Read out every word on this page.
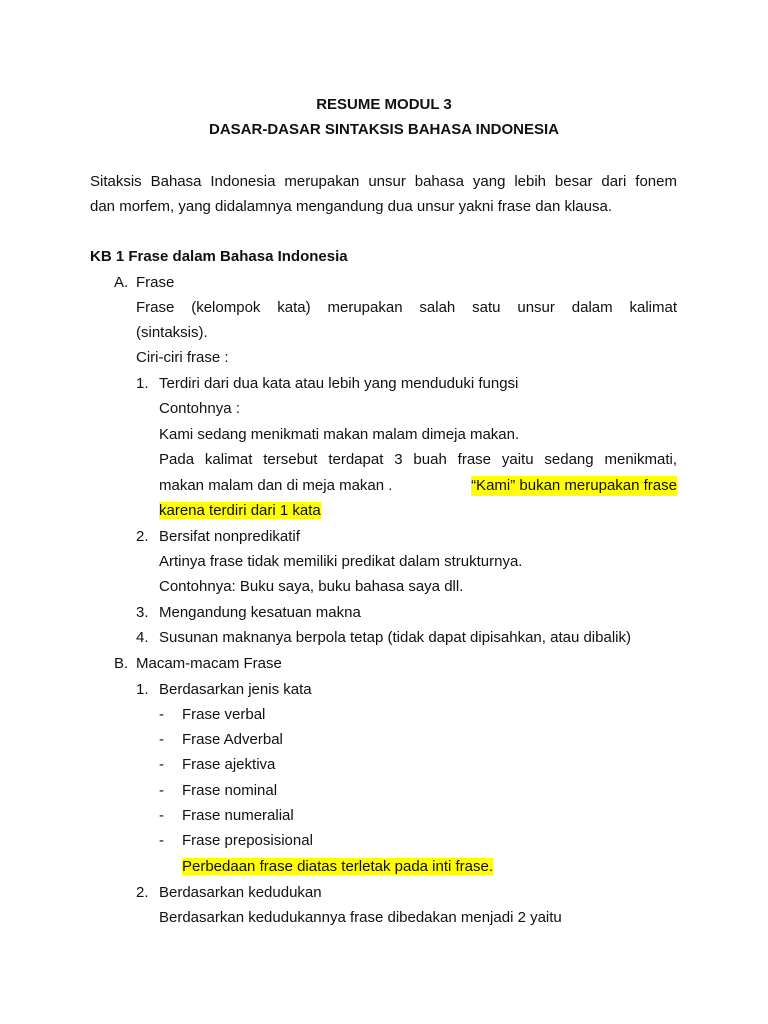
RESUME MODUL 3
DASAR-DASAR SINTAKSIS BAHASA INDONESIA
Sitaksis Bahasa Indonesia merupakan unsur bahasa yang lebih besar dari fonem
dan morfem, yang didalamnya mengandung dua unsur yakni frase dan klausa.
KB 1 Frase dalam Bahasa Indonesia
A. Frase
Frase (kelompok kata) merupakan salah satu unsur dalam kalimat
(sintaksis).
Ciri-ciri frase :
1. Terdiri dari dua kata atau lebih yang menduduki fungsi
Contohnya :
Kami sedang menikmati makan malam dimeja makan.
Pada kalimat tersebut terdapat 3 buah frase yaitu sedang menikmati,
makan malam dan di meja makan .	“Kami” bukan merupakan frase
karena terdiri dari 1 kata
2. Bersifat nonpredikatif
Artinya frase tidak memiliki predikat dalam strukturnya.
Contohnya: Buku saya, buku bahasa saya dll.
3. Mengandung kesatuan makna
4. Susunan maknanya berpola tetap (tidak dapat dipisahkan, atau dibalik)
B. Macam-macam Frase
1. Berdasarkan jenis kata
- Frase verbal
- Frase Adverbal
- Frase ajektiva
- Frase nominal
- Frase numeralial
- Frase preposisional
Perbedaan frase diatas terletak pada inti frase.
2. Berdasarkan kedudukan
Berdasarkan kedudukannya frase dibedakan menjadi 2 yaitu
